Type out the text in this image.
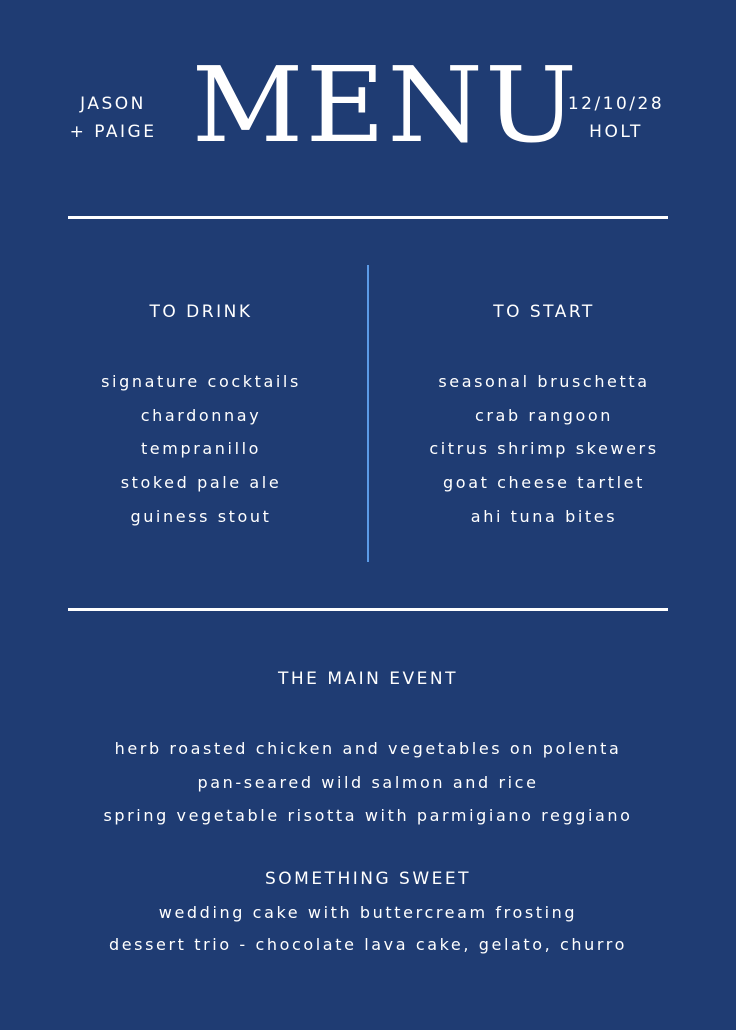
JASON
+ PAIGE MENU
12/10/28
HOLT
TO DRINK
signature cocktails
chardonnay
tempranillo
stoked pale ale
guiness stout
TO START
seasonal bruschetta
crab rangoon
citrus shrimp skewers
goat cheese tartlet
ahi tuna bites
THE MAIN EVENT
herb roasted chicken and vegetables on polenta
pan-seared wild salmon and rice
spring vegetable risotta with parmigiano reggiano
SOMETHING SWEET
wedding cake with buttercream frosting
dessert trio - chocolate lava cake, gelato, churro
